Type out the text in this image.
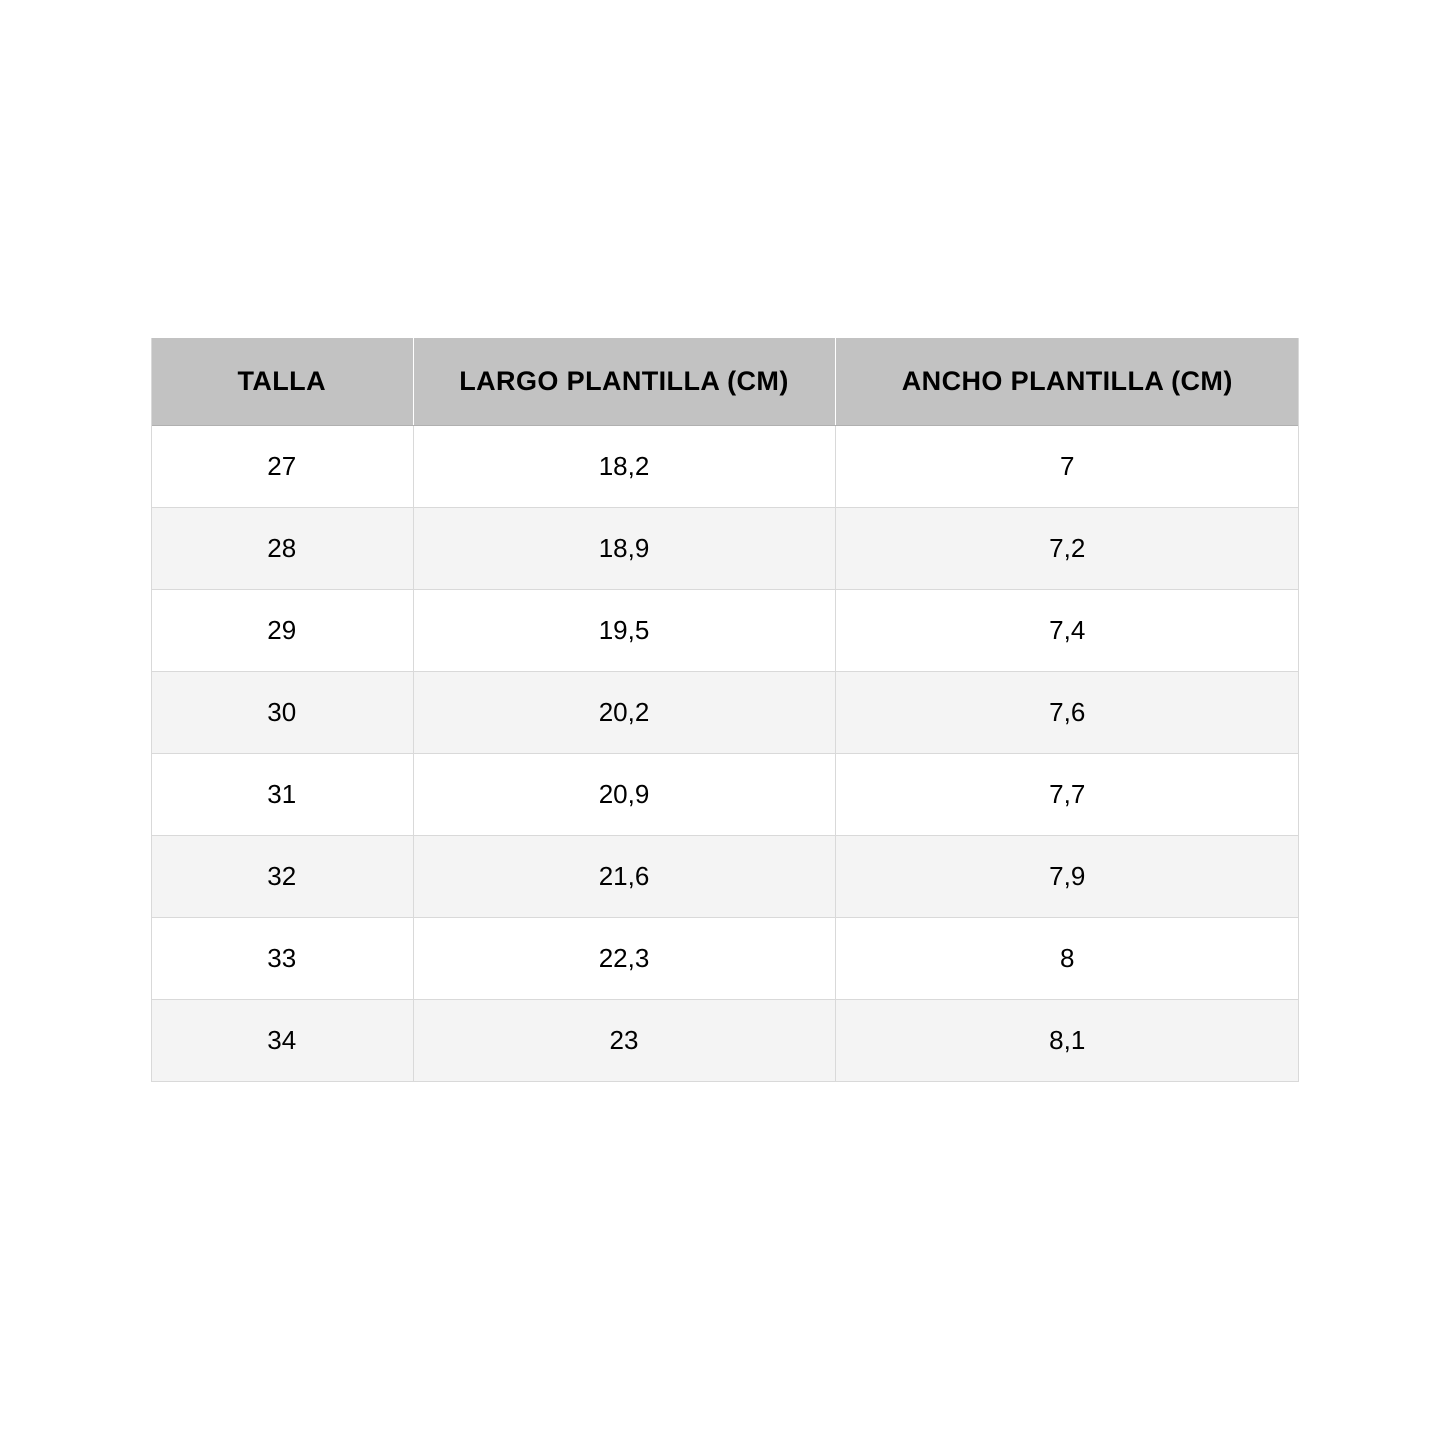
TALLA	LARGO PLANTILLA (CM)	ANCHO PLANTILLA (CM)
27	18,2	7
28	18,9	7,2
29	19,5	7,4
30	20,2	7,6
31	20,9	7,7
32	21,6	7,9
33	22,3	8
34	23	8,1
